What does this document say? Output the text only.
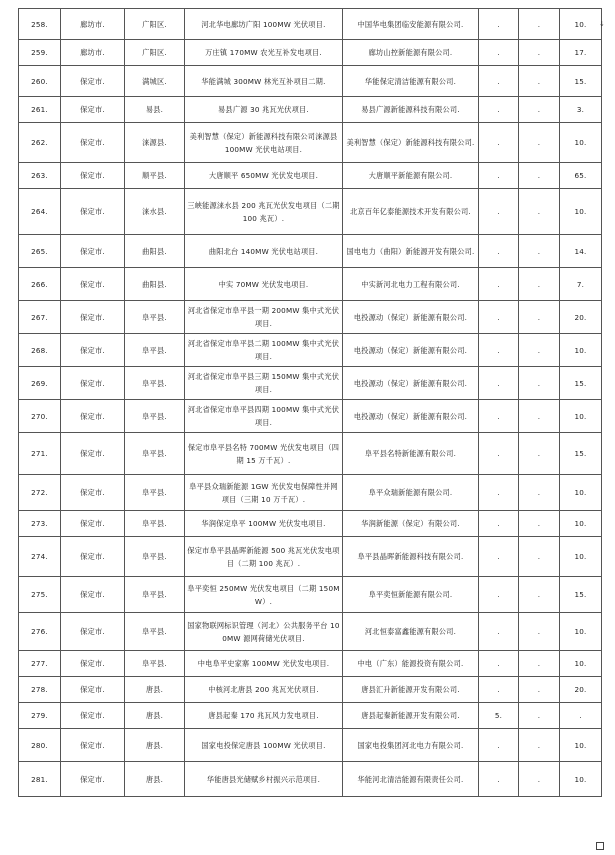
258.	廊坊市.	广阳区.	河北华电廊坊广阳 100MW 光伏项目.	中国华电集团临安能源有限公司.	.	.	10.
259.	廊坊市.	广阳区.	万庄镇 170MW 农光互补发电项目.	廊坊山控新能源有限公司.	.	.	17.
260.	保定市.	满城区.	华能满城 300MW 林光互补项目二期.	华能保定清洁能源有限公司.	.	.	15.
261.	保定市.	易县.	易县广源 30 兆瓦光伏项目.	易县广源新能源科技有限公司.	.	.	3.
262.	保定市.	涞源县.	美利智慧（保定）新能源科技有限公司涞源县 100MW 光伏电站项目.	美利智慧（保定）新能源科技有限公司.	.	.	10.
263.	保定市.	顺平县.	大唐顺平 650MW 光伏发电项目.	大唐顺平新能源有限公司.	.	.	65.
264.	保定市.	涞水县.	三峡能源涞水县 200 兆瓦光伏发电项目（二期 100 兆瓦）.	北京百年亿泰能源技术开发有限公司.	.	.	10.
265.	保定市.	曲阳县.	曲阳北台 140MW 光伏电站项目.	国电电力（曲阳）新能源开发有限公司.	.	.	14.
266.	保定市.	曲阳县.	中实 70MW 光伏发电项目.	中实新河北电力工程有限公司.	.	.	7.
267.	保定市.	阜平县.	河北省保定市阜平县一期 200MW 集中式光伏项目.	电投源动（保定）新能源有限公司.	.	.	20.
268.	保定市.	阜平县.	河北省保定市阜平县二期 100MW 集中式光伏项目.	电投源动（保定）新能源有限公司.	.	.	10.
269.	保定市.	阜平县.	河北省保定市阜平县三期 150MW 集中式光伏项目.	电投源动（保定）新能源有限公司.	.	.	15.
270.	保定市.	阜平县.	河北省保定市阜平县四期 100MW 集中式光伏项目.	电投源动（保定）新能源有限公司.	.	.	10.
271.	保定市.	阜平县.	保定市阜平县名特 700MW 光伏发电项目（四期 15 万千瓦）.	阜平县名特新能源有限公司.	.	.	15.
272.	保定市.	阜平县.	阜平县众瑞新能源 1GW 光伏发电保障性并网项目（三期 10 万千瓦）.	阜平众瑞新能源有限公司.	.	.	10.
273.	保定市.	阜平县.	华润保定阜平 100MW 光伏发电项目.	华润新能源（保定）有限公司.	.	.	10.
274.	保定市.	阜平县.	保定市阜平县晶晖新能源 500 兆瓦光伏发电项目（二期 100 兆瓦）.	阜平县晶晖新能源科技有限公司.	.	.	10.
275.	保定市.	阜平县.	阜平奕恒 250MW 光伏发电项目（二期 150MW）.	阜平奕恒新能源有限公司.	.	.	15.
276.	保定市.	阜平县.	国家物联网标识管理（河北）公共服务平台 100MW 源网荷储光伏项目.	河北恒泰富鑫能源有限公司.	.	.	10.
277.	保定市.	阜平县.	中电阜平史家寨 100MW 光伏发电项目.	中电（广东）能源投资有限公司.	.	.	10.
278.	保定市.	唐县.	中核河北唐县 200 兆瓦光伏项目.	唐县汇升新能源开发有限公司.	.	.	20.
279.	保定市.	唐县.	唐县起秦 170 兆瓦风力发电项目.	唐县起秦新能源开发有限公司.	5.	.	.
280.	保定市.	唐县.	国家电投保定唐县 100MW 光伏项目.	国家电投集团河北电力有限公司.	.	.	10.
281.	保定市.	唐县.	华能唐县光储赋乡村振兴示范项目.	华能河北清洁能源有限责任公司.	.	.	10.
↓
